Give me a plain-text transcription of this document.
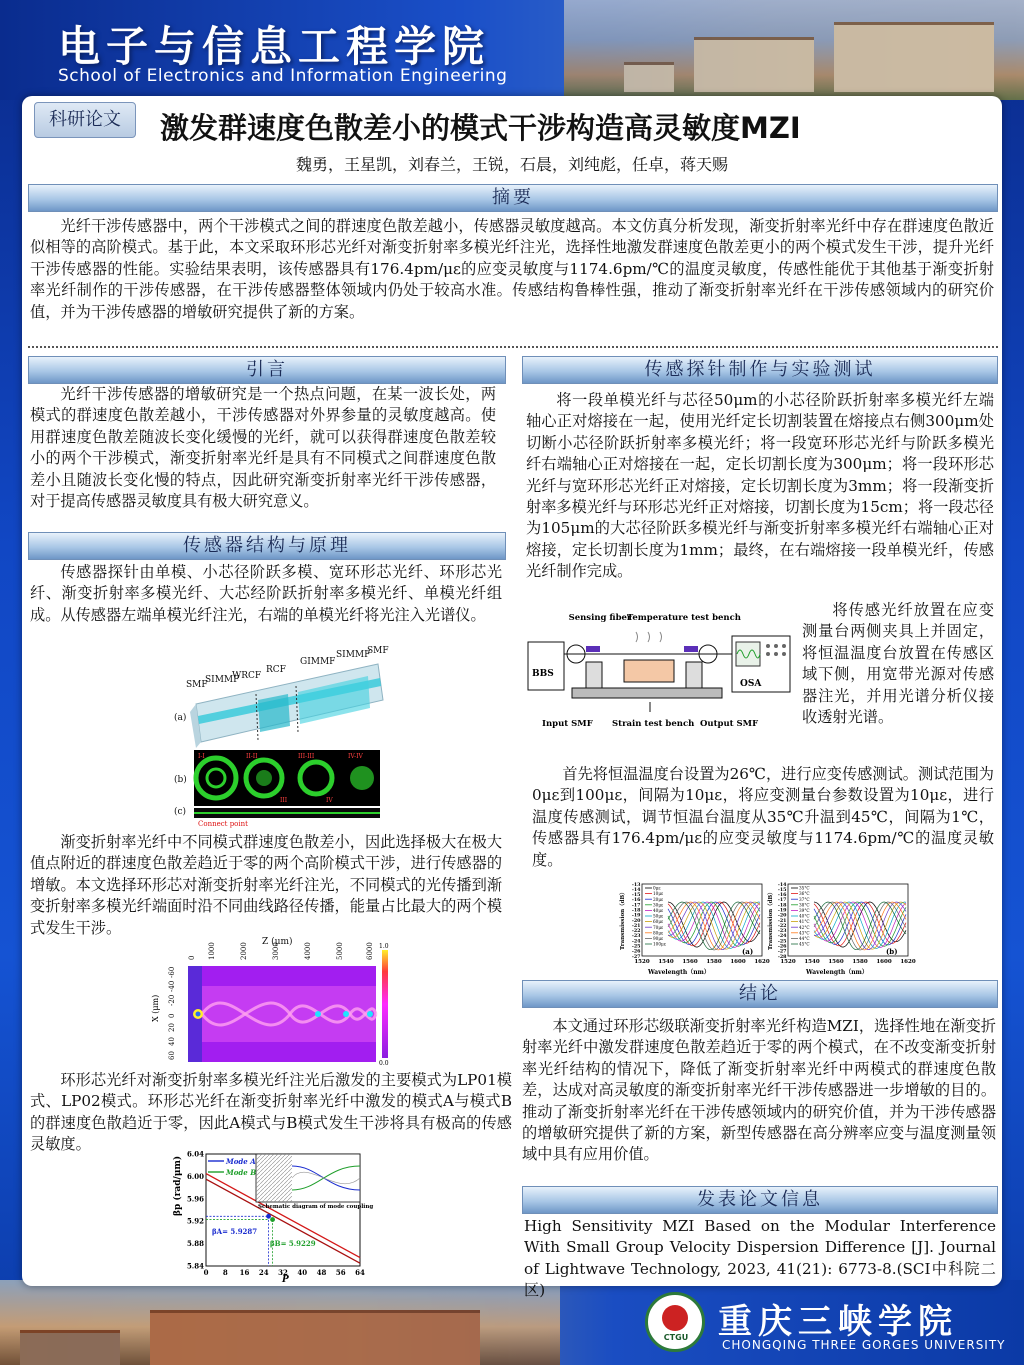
电子与信息工程学院
School of Electronics and Information Engineering
CTGU 重庆三峡学院
CHONGQING THREE GORGES UNIVERSITY
科研论文	激发群速度色散差小的模式干涉构造高灵敏度MZI
魏勇，王星凯，刘春兰，王锐，石晨，刘纯彪，任卓，蒋天赐
摘要
光纤干涉传感器中，两个干涉模式之间的群速度色散差越小，传感器灵敏度越高。本文仿真分析发现，渐变折射率光纤中存在群速度色散近似相等的高阶模式。基于此，本文采取环形芯光纤对渐变折射率多模光纤注光，选择性地激发群速度色散差更小的两个模式发生干涉，提升光纤干涉传感器的性能。实验结果表明，该传感器具有176.4pm/με的应变灵敏度与1174.6pm/℃的温度灵敏度，传感性能优于其他基于渐变折射率光纤制作的干涉传感器，在干涉传感器整体领域内仍处于较高水准。传感结构鲁棒性强，推动了渐变折射率光纤在干涉传感领域内的研究价值，并为干涉传感器的增敏研究提供了新的方案。
引言
光纤干涉传感器的增敏研究是一个热点问题，在某一波长处，两模式的群速度色散差越小，干涉传感器对外界参量的灵敏度越高。使用群速度色散差随波长变化缓慢的光纤，就可以获得群速度色散差较小的两个干涉模式，渐变折射率光纤是具有不同模式之间群速度色散差小且随波长变化慢的特点，因此研究渐变折射率光纤干涉传感器，对于提高传感器灵敏度具有极大研究意义。
传感器结构与原理
传感器探针由单模、小芯径阶跃多模、宽环形芯光纤、环形芯光纤、渐变折射率多模光纤、大芯经阶跃折射率多模光纤、单模光纤组成。从传感器左端单模光纤注光，右端的单模光纤将光注入光谱仪。
SMF
SIMMF
WRCF
RCF
GIMMF
SIMMF
SMF
(a)
I-I	II-II	III-III	IV-IV
(b)
(c)
Connect point
III	IV
渐变折射率光纤中不同模式群速度色散差小，因此选择极大在极大值点附近的群速度色散差趋近于零的两个高阶模式干涉，进行传感器的增敏。本文选择环形芯对渐变折射率光纤注光，不同模式的光传播到渐变折射率多模光纤端面时沿不同曲线路径传播，能量占比最大的两个模式发生干涉。
Z (μm)
0 1000	2000	3000	4000	5000	6000
X (μm)
-60
-40
-20
0
20
40
60
1.0
0.0
环形芯光纤对渐变折射率多模光纤注光后激发的主要模式为LP01模式、LP02模式。环形芯光纤在渐变折射率光纤中激发的模式A与模式B的群速度色散趋近于零，因此A模式与B模式发生干涉将具有极高的传感灵敏度。
βp (rad/μm)
P
0 8 16 24 32 40 48 56 64
6.04
6.00
5.96
5.92
5.88
5.84
Schematic diagram of mode coupling
Mode A
Mode B
βA= 5.9287
βB= 5.9229
传感探针制作与实验测试
将一段单模光纤与芯径50μm的小芯径阶跃折射率多模光纤左端轴心正对熔接在一起，使用光纤定长切割装置在熔接点右侧300μm处切断小芯径阶跃折射率多模光纤；将一段宽环形芯光纤与阶跃多模光纤右端轴心正对熔接在一起，定长切割长度为300μm；将一段环形芯光纤与宽环形芯光纤正对熔接，定长切割长度为3mm；将一段渐变折射率多模光纤与环形芯光纤正对熔接，切割长度为15cm；将一段芯径为105μm的大芯径阶跃多模光纤与渐变折射率多模光纤右端轴心正对熔接，定长切割长度为1mm；最终，在右端熔接一段单模光纤，传感光纤制作完成。
Sensing fiber
Temperature test bench
BBS
OSA
Input SMF Strain test bench Output SMF
将传感光纤放置在应变测量台两侧夹具上并固定，将恒温温度台放置在传感区域下侧，用宽带光源对传感器注光，并用光谱分析仪接收透射光谱。
首先将恒温温度台设置为26℃，进行应变传感测试。测试范围为0με到100με，间隔为10με，将应变测量台参数设置为10με，进行温度传感测试，调节恒温台温度从35℃升温到45℃，间隔为1℃，传感器具有176.4pm/με的应变灵敏度与1174.6pm/℃的温度灵敏度。
-13
-14
-15
-16
-17
-18
-19
-20
-21
-22
-23
-24
-25
-26
-27
1520 1540 1560 1580 1600 1620
0με
10με
20με
30με
40με
50με
60με
70με
80με
90με
100με
-14
-15
-16
-17
-18
-19
-20
-21
-22
-23
-24
-25
-26
-27
-28
1520 1540 1560 1580 1600 1620
35°C
36°C
37°C
38°C
39°C
40°C
41°C
42°C
43°C
44°C
45°C
Wavelength（nm）	Wavelength（nm）
Transmission（dB）	Transmission（dB）
(a)	(b)
结论
本文通过环形芯级联渐变折射率光纤构造MZI，选择性地在渐变折射率光纤中激发群速度色散差趋近于零的两个模式，在不改变渐变折射率光纤结构的情况下，降低了渐变折射率光纤中两模式的群速度色散差，达成对高灵敏度的渐变折射率光纤干涉传感器进一步增敏的目的。推动了渐变折射率光纤在干涉传感领域内的研究价值，并为干涉传感器的增敏研究提供了新的方案，新型传感器在高分辨率应变与温度测量领域中具有应用价值。
发表论文信息
High Sensitivity MZI Based on the Modular Interference With Small Group Velocity Dispersion Difference [J]. Journal of Lightwave Technology, 2023, 41(21): 6773-8.(SCI中科院二区)
